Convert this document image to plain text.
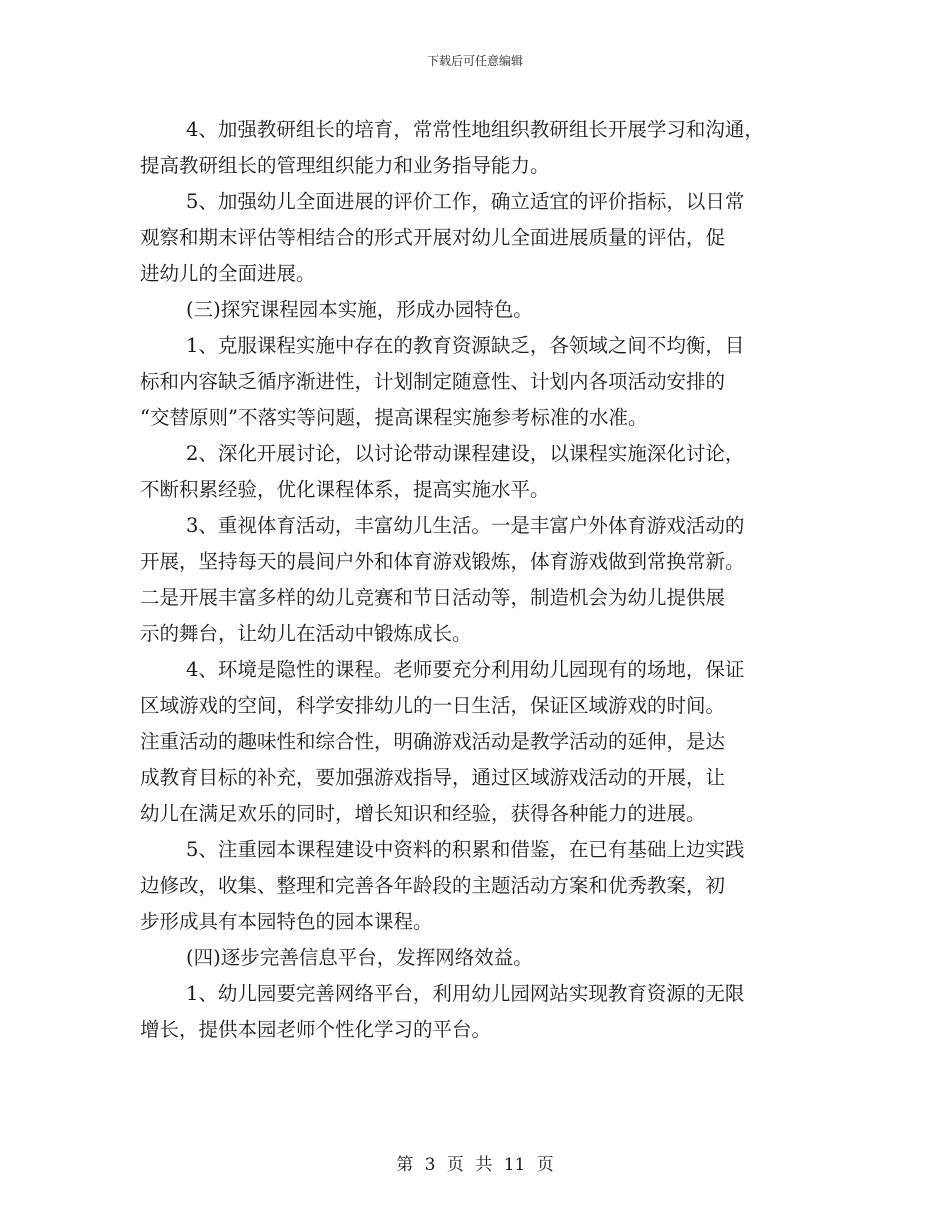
下载后可任意编辑
4、加强教研组长的培育，常常性地组织教研组长开展学习和沟通，
提高教研组长的管理组织能力和业务指导能力。
5、加强幼儿全面进展的评价工作，确立适宜的评价指标，以日常
观察和期末评估等相结合的形式开展对幼儿全面进展质量的评估，促
进幼儿的全面进展。
(三)探究课程园本实施，形成办园特色。
1、克服课程实施中存在的教育资源缺乏，各领域之间不均衡，目
标和内容缺乏循序渐进性，计划制定随意性、计划内各项活动安排的
“交替原则”不落实等问题，提高课程实施参考标准的水准。
2、深化开展讨论，以讨论带动课程建设，以课程实施深化讨论，
不断积累经验，优化课程体系，提高实施水平。
3、重视体育活动，丰富幼儿生活。一是丰富户外体育游戏活动的
开展，坚持每天的晨间户外和体育游戏锻炼，体育游戏做到常换常新。
二是开展丰富多样的幼儿竞赛和节日活动等，制造机会为幼儿提供展
示的舞台，让幼儿在活动中锻炼成长。
4、环境是隐性的课程。老师要充分利用幼儿园现有的场地，保证
区域游戏的空间，科学安排幼儿的一日生活，保证区域游戏的时间。
注重活动的趣味性和综合性，明确游戏活动是教学活动的延伸，是达
成教育目标的补充，要加强游戏指导，通过区域游戏活动的开展，让
幼儿在满足欢乐的同时，增长知识和经验，获得各种能力的进展。
5、注重园本课程建设中资料的积累和借鉴，在已有基础上边实践
边修改，收集、整理和完善各年龄段的主题活动方案和优秀教案，初
步形成具有本园特色的园本课程。
(四)逐步完善信息平台，发挥网络效益。
1、幼儿园要完善网络平台，利用幼儿园网站实现教育资源的无限
增长，提供本园老师个性化学习的平台。
第 3 页 共 11 页
